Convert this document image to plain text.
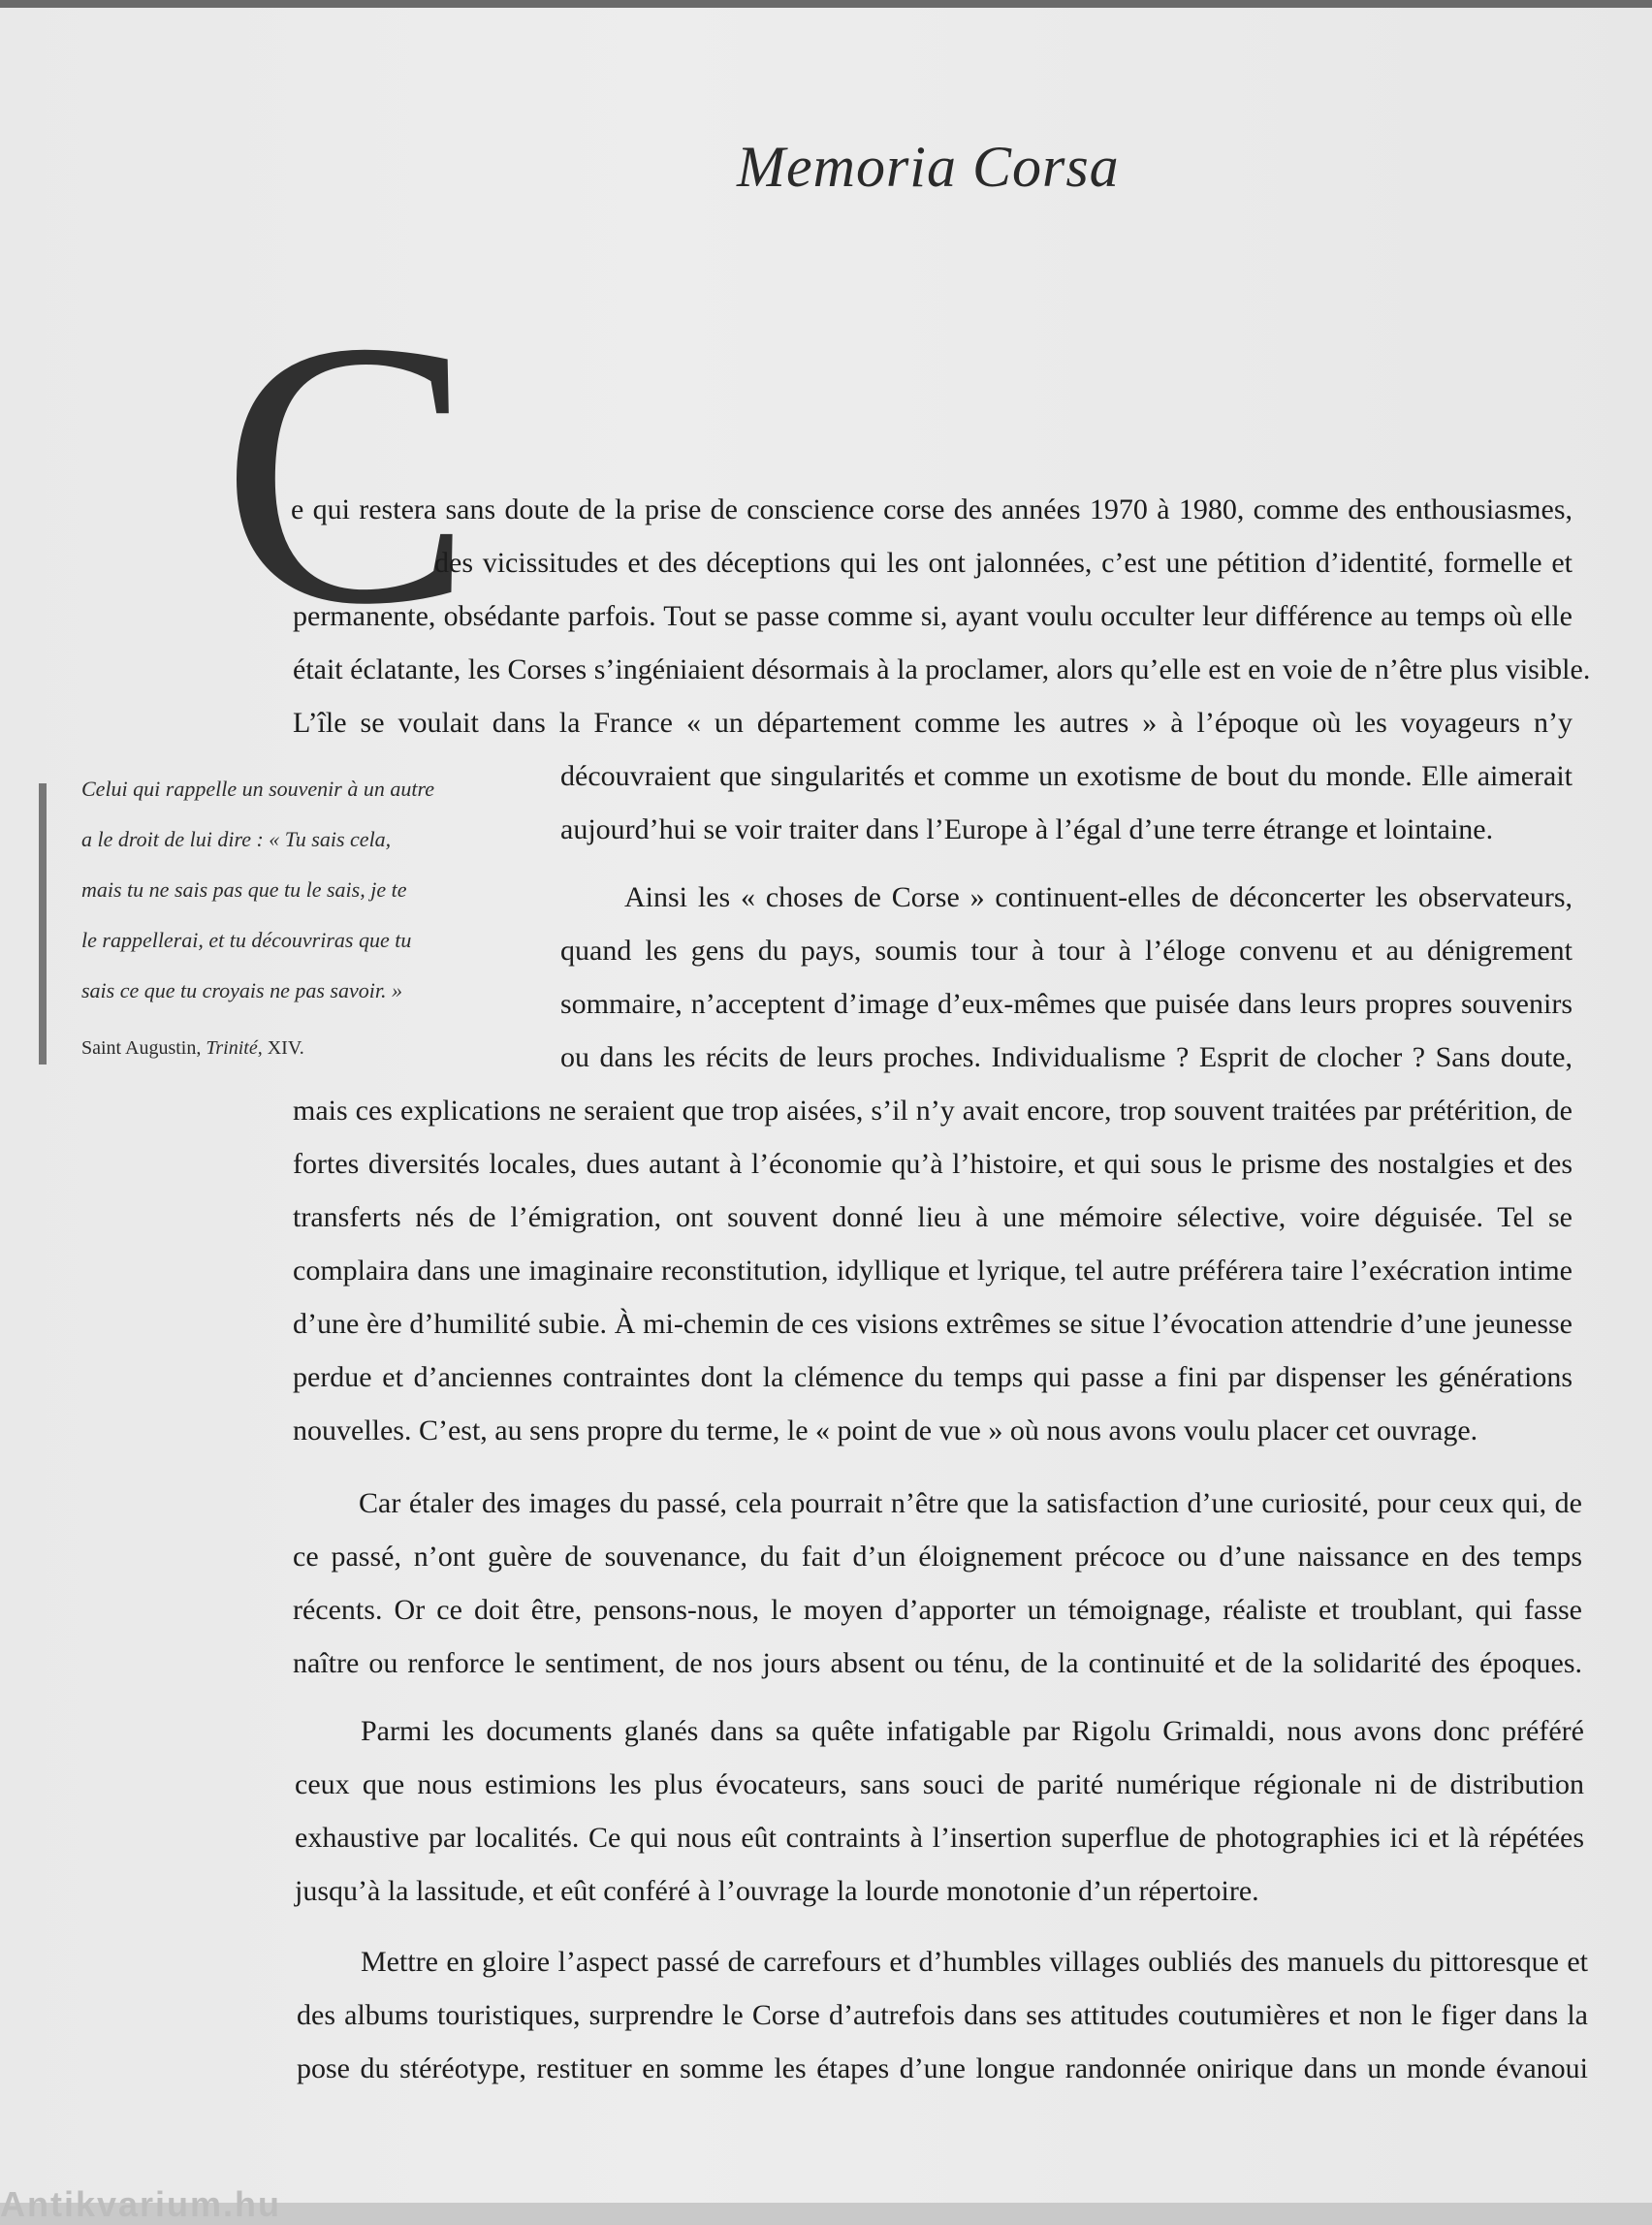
Memoria Corsa
C

e qui restera sans doute de la prise de conscience corse des années 1970 à 1980, comme des enthousiasmes,

des vicissitudes et des déceptions qui les ont jalonnées, c’est une pétition d’identité, formelle et

permanente, obsédante parfois. Tout se passe comme si, ayant voulu occulter leur différence au temps où elle
était éclatante, les Corses s’ingéniaient désormais à la proclamer, alors qu’elle est en voie de n’être plus visible.
L’île se voulait dans la France « un département comme les autres » à l’époque où les voyageurs n’y

découvraient que singularités et comme un exotisme de bout du monde. Elle aimerait
aujourd’hui se voir traiter dans l’Europe à l’égal d’une terre étrange et lointaine.

Celui qui rappelle un souvenir à un autre
a le droit de lui dire : « Tu sais cela,
mais tu ne sais pas que tu le sais, je te
le rappellerai, et tu découvriras que tu
sais ce que tu croyais ne pas savoir. »

Saint Augustin, Trinité, XIV.

Ainsi les « choses de Corse » continuent-elles de déconcerter les observateurs,

quand les gens du pays, soumis tour à tour à l’éloge convenu et au dénigrement
sommaire, n’acceptent d’image d’eux-mêmes que puisée dans leurs propres souvenirs
ou dans les récits de leurs proches. Individualisme ? Esprit de clocher ? Sans doute,

mais ces explications ne seraient que trop aisées, s’il n’y avait encore, trop souvent traitées par prétérition, de
fortes diversités locales, dues autant à l’économie qu’à l’histoire, et qui sous le prisme des nostalgies et des
transferts nés de l’émigration, ont souvent donné lieu à une mémoire sélective, voire déguisée. Tel se
complaira dans une imaginaire reconstitution, idyllique et lyrique, tel autre préférera taire l’exécration intime
d’une ère d’humilité subie. À mi-chemin de ces visions extrêmes se situe l’évocation attendrie d’une jeunesse
perdue et d’anciennes contraintes dont la clémence du temps qui passe a fini par dispenser les générations
nouvelles. C’est, au sens propre du terme, le « point de vue » où nous avons voulu placer cet ouvrage.

Car étaler des images du passé, cela pourrait n’être que la satisfaction d’une curiosité, pour ceux qui, de

ce passé, n’ont guère de souvenance, du fait d’un éloignement précoce ou d’une naissance en des temps
récents. Or ce doit être, pensons-nous, le moyen d’apporter un témoignage, réaliste et troublant, qui fasse
naître ou renforce le sentiment, de nos jours absent ou ténu, de la continuité et de la solidarité des époques.

Parmi les documents glanés dans sa quête infatigable par Rigolu Grimaldi, nous avons donc préféré

ceux que nous estimions les plus évocateurs, sans souci de parité numérique régionale ni de distribution
exhaustive par localités. Ce qui nous eût contraints à l’insertion superflue de photographies ici et là répétées
jusqu’à la lassitude, et eût conféré à l’ouvrage la lourde monotonie d’un répertoire.

Mettre en gloire l’aspect passé de carrefours et d’humbles villages oubliés des manuels du pittoresque et

des albums touristiques, surprendre le Corse d’autrefois dans ses attitudes coutumières et non le figer dans la
pose du stéréotype, restituer en somme les étapes d’une longue randonnée onirique dans un monde évanoui

Antikvarium.hu
